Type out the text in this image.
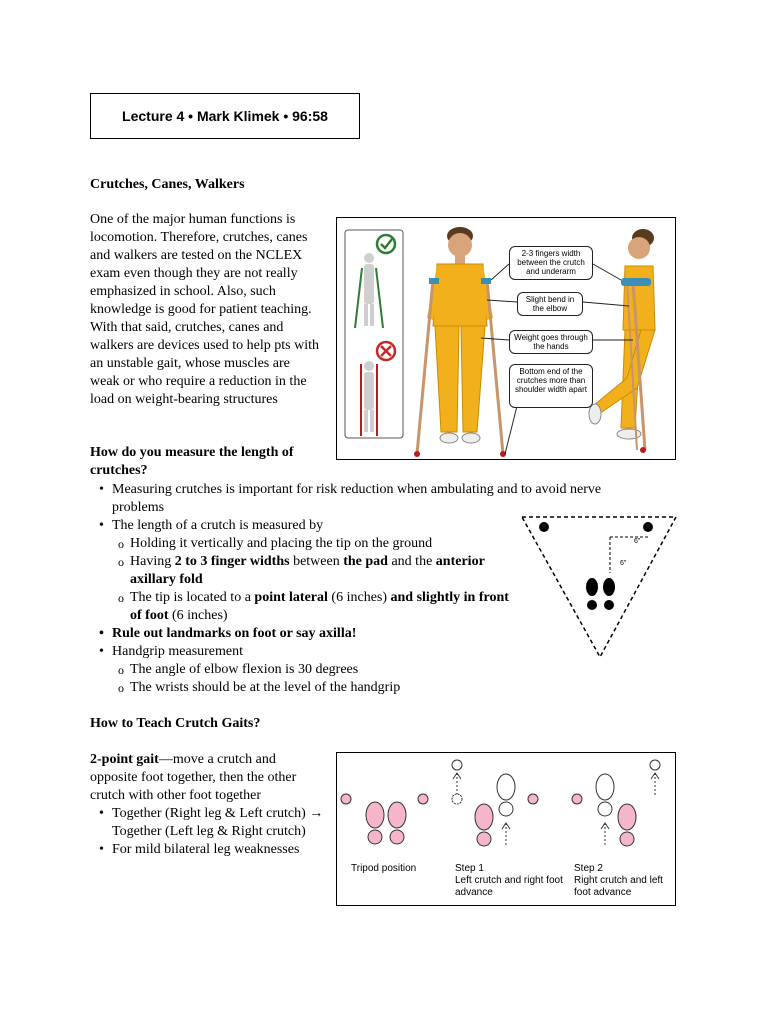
Lecture 4 • Mark Klimek • 96:58
Crutches, Canes, Walkers
One of the major human functions is locomotion. Therefore, crutches, canes and walkers are tested on the NCLEX exam even though they are not really emphasized in school. Also, such knowledge is good for patient teaching. With that said, crutches, canes and walkers are devices used to help pts with an unstable gait, whose muscles are weak or who require a reduction in the load on weight-bearing structures
2-3 fingers width between the crutch and underarm
Slight bend in the elbow
Weight goes through the hands
Bottom end of the crutches more than shoulder width apart
How do you measure the length of crutches?
• Measuring crutches is important for risk reduction when ambulating and to avoid nerve problems
• The length of a crutch is measured by
o Holding it vertically and placing the tip on the ground
o Having 2 to 3 finger widths between the pad and the anterior axillary fold
o The tip is located to a point lateral (6 inches) and slightly in front of foot (6 inches)
• Rule out landmarks on foot or say axilla!
• Handgrip measurement
o The angle of elbow flexion is 30 degrees
o The wrists should be at the level of the handgrip
6"
6"
How to Teach Crutch Gaits?
2-point gait—move a crutch and opposite foot together, then the other crutch with other foot together
• Together (Right leg & Left crutch) → Together (Left leg & Right crutch)
• For mild bilateral leg weaknesses
Tripod position	Step 1
Left crutch and right foot advance
Step 2
Right crutch and left foot advance
